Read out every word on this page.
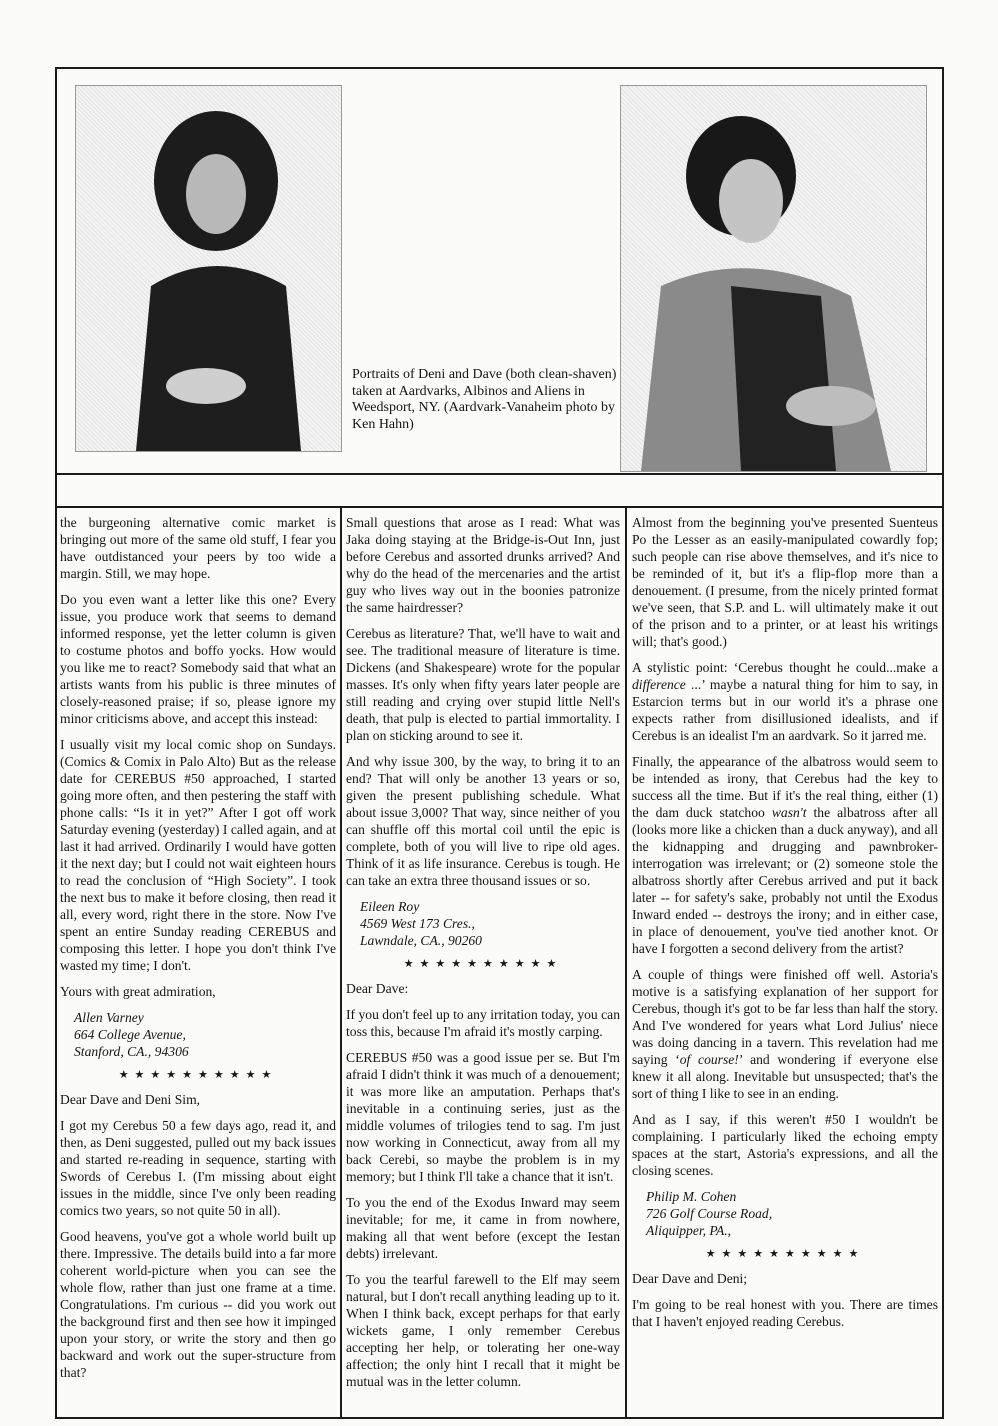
Portraits of Deni and Dave (both clean-shaven) taken at Aardvarks, Albinos and Aliens in Weedsport, NY. (Aardvark-Vanaheim photo by Ken Hahn)

the burgeoning alternative comic market is bringing out more of the same old stuff, I fear you have outdistanced your peers by too wide a margin. Still, we may hope.

Do you even want a letter like this one? Every issue, you produce work that seems to demand informed response, yet the letter column is given to costume photos and boffo yocks. How would you like me to react? Somebody said that what an artists wants from his public is three minutes of closely-reasoned praise; if so, please ignore my minor criticisms above, and accept this instead:

I usually visit my local comic shop on Sundays. (Comics & Comix in Palo Alto) But as the release date for CEREBUS #50 approached, I started going more often, and then pestering the staff with phone calls: “Is it in yet?” After I got off work Saturday evening (yesterday) I called again, and at last it had arrived. Ordinarily I would have gotten it the next day; but I could not wait eighteen hours to read the conclusion of “High Society”. I took the next bus to make it before closing, then read it all, every word, right there in the store. Now I've spent an entire Sunday reading CEREBUS and composing this letter. I hope you don't think I've wasted my time; I don't.

Yours with great admiration,

Allen Varney
664 College Avenue,
Stanford, CA., 94306
★★★★★★★★★★

Dear Dave and Deni Sim,

I got my Cerebus 50 a few days ago, read it, and then, as Deni suggested, pulled out my back issues and started re-reading in sequence, starting with Swords of Cerebus I. (I'm missing about eight issues in the middle, since I've only been reading comics two years, so not quite 50 in all).

Good heavens, you've got a whole world built up there. Impressive. The details build into a far more coherent world-picture when you can see the whole flow, rather than just one frame at a time. Congratulations. I'm curious -- did you work out the background first and then see how it impinged upon your story, or write the story and then go backward and work out the super-structure from that?

Small questions that arose as I read: What was Jaka doing staying at the Bridge-is-Out Inn, just before Cerebus and assorted drunks arrived? And why do the head of the mercenaries and the artist guy who lives way out in the boonies patronize the same hairdresser?

Cerebus as literature? That, we'll have to wait and see. The traditional measure of literature is time. Dickens (and Shakespeare) wrote for the popular masses. It's only when fifty years later people are still reading and crying over stupid little Nell's death, that pulp is elected to partial immortality. I plan on sticking around to see it.

And why issue 300, by the way, to bring it to an end? That will only be another 13 years or so, given the present publishing schedule. What about issue 3,000? That way, since neither of you can shuffle off this mortal coil until the epic is complete, both of you will live to ripe old ages. Think of it as life insurance. Cerebus is tough. He can take an extra three thousand issues or so.

Eileen Roy
4569 West 173 Cres.,
Lawndale, CA., 90260
★★★★★★★★★★

Dear Dave:

If you don't feel up to any irritation today, you can toss this, because I'm afraid it's mostly carping.

CEREBUS #50 was a good issue per se. But I'm afraid I didn't think it was much of a denouement; it was more like an amputation. Perhaps that's inevitable in a continuing series, just as the middle volumes of trilogies tend to sag. I'm just now working in Connecticut, away from all my back Cerebi, so maybe the problem is in my memory; but I think I'll take a chance that it isn't.

To you the end of the Exodus Inward may seem inevitable; for me, it came in from nowhere, making all that went before (except the Iestan debts) irrelevant.

To you the tearful farewell to the Elf may seem natural, but I don't recall anything leading up to it. When I think back, except perhaps for that early wickets game, I only remember Cerebus accepting her help, or tolerating her one-way affection; the only hint I recall that it might be mutual was in the letter column.

Almost from the beginning you've presented Suenteus Po the Lesser as an easily-manipulated cowardly fop; such people can rise above themselves, and it's nice to be reminded of it, but it's a flip-flop more than a denouement. (I presume, from the nicely printed format we've seen, that S.P. and L. will ultimately make it out of the prison and to a printer, or at least his writings will; that's good.)

A stylistic point: ‘Cerebus thought he could...make a difference ...’ maybe a natural thing for him to say, in Estarcion terms but in our world it's a phrase one expects rather from disillusioned idealists, and if Cerebus is an idealist I'm an aardvark. So it jarred me.

Finally, the appearance of the albatross would seem to be intended as irony, that Cerebus had the key to success all the time. But if it's the real thing, either (1) the dam duck statchoo wasn't the albatross after all (looks more like a chicken than a duck anyway), and all the kidnapping and drugging and pawnbroker-interrogation was irrelevant; or (2) someone stole the albatross shortly after Cerebus arrived and put it back later -- for safety's sake, probably not until the Exodus Inward ended -- destroys the irony; and in either case, in place of denouement, you've tied another knot. Or have I forgotten a second delivery from the artist?

A couple of things were finished off well. Astoria's motive is a satisfying explanation of her support for Cerebus, though it's got to be far less than half the story. And I've wondered for years what Lord Julius' niece was doing dancing in a tavern. This revelation had me saying ‘of course!’ and wondering if everyone else knew it all along. Inevitable but unsuspected; that's the sort of thing I like to see in an ending.

And as I say, if this weren't #50 I wouldn't be complaining. I particularly liked the echoing empty spaces at the start, Astoria's expressions, and all the closing scenes.

Philip M. Cohen
726 Golf Course Road,
Aliquipper, PA.,
★★★★★★★★★★

Dear Dave and Deni;

I'm going to be real honest with you. There are times that I haven't enjoyed reading Cerebus.
